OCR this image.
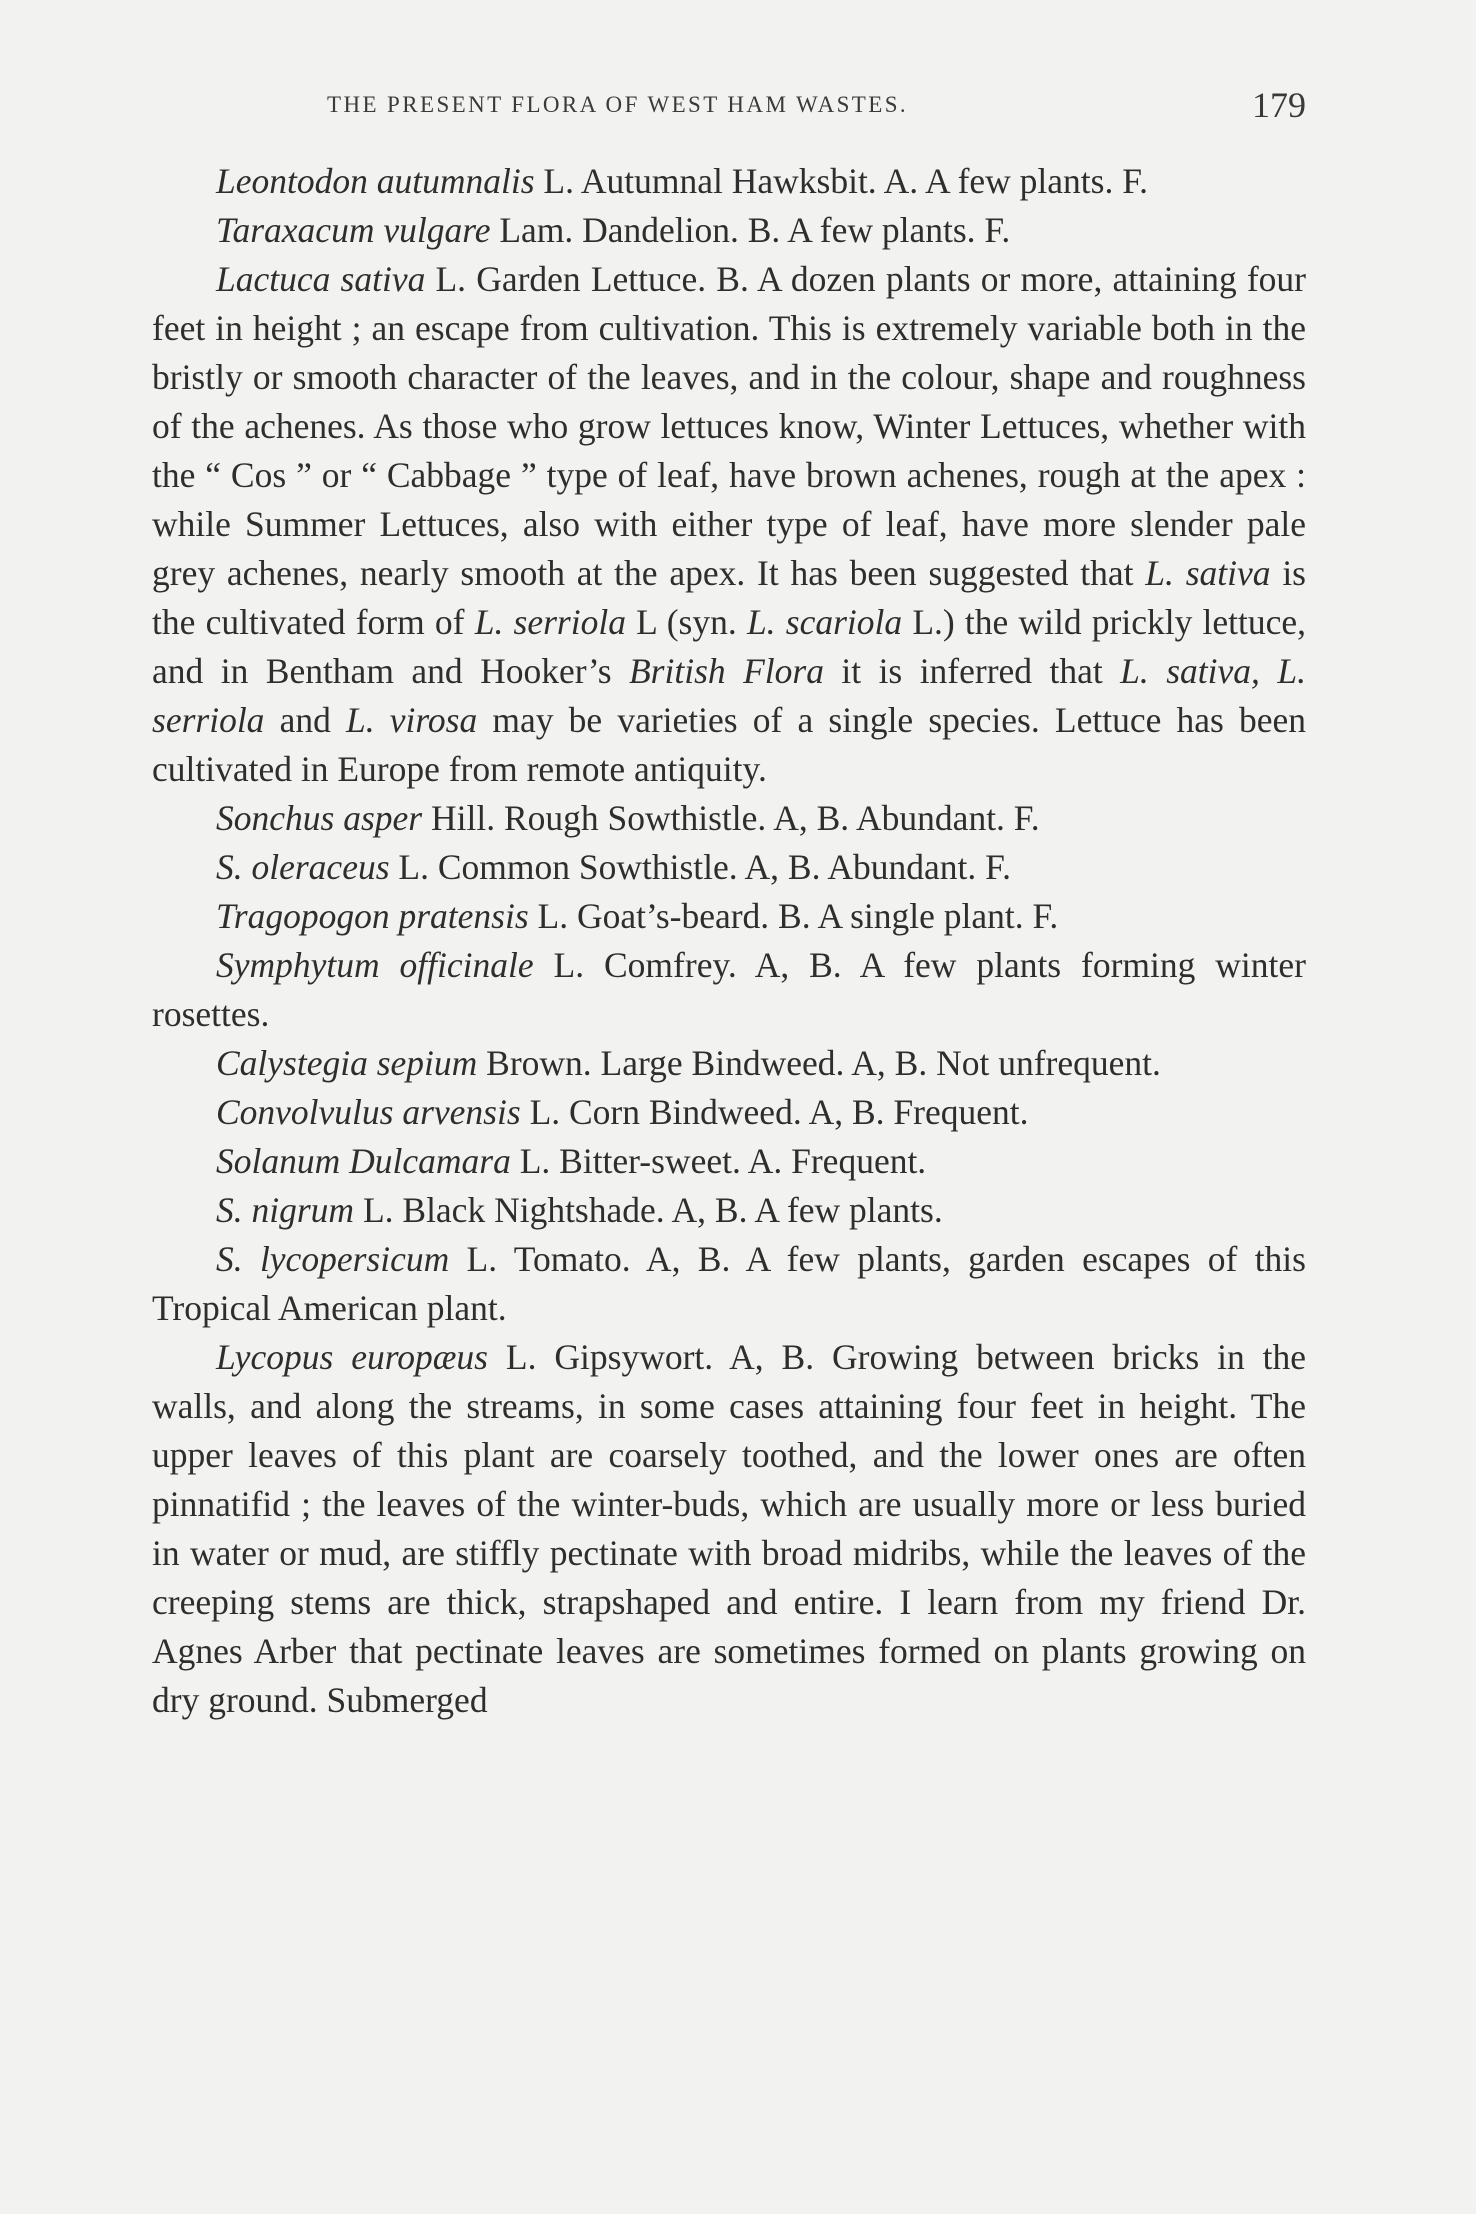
THE PRESENT FLORA OF WEST HAM WASTES.	179

Leontodon autumnalis L. Autumnal Hawksbit. A. A few plants. F.

Taraxacum vulgare Lam. Dandelion. B. A few plants. F.

Lactuca sativa L. Garden Lettuce. B. A dozen plants or more, attaining four feet in height ; an escape from cultivation. This is extremely variable both in the bristly or smooth character of the leaves, and in the colour, shape and roughness of the achenes. As those who grow lettuces know, Winter Lettuces, whether with the “ Cos ” or “ Cabbage ” type of leaf, have brown achenes, rough at the apex : while Summer Lettuces, also with either type of leaf, have more slender pale grey achenes, nearly smooth at the apex. It has been suggested that L. sativa is the cultivated form of L. serriola L (syn. L. scariola L.) the wild prickly lettuce, and in Bentham and Hooker’s British Flora it is inferred that L. sativa, L. serriola and L. virosa may be varieties of a single species. Lettuce has been cultivated in Europe from remote antiquity.

Sonchus asper Hill. Rough Sowthistle. A, B. Abundant. F.

S. oleraceus L. Common Sowthistle. A, B. Abundant. F.

Tragopogon pratensis L. Goat’s-beard. B. A single plant. F.

Symphytum officinale L. Comfrey. A, B. A few plants forming winter rosettes.

Calystegia sepium Brown. Large Bindweed. A, B. Not unfrequent.

Convolvulus arvensis L. Corn Bindweed. A, B. Frequent.

Solanum Dulcamara L. Bitter-sweet. A. Frequent.

S. nigrum L. Black Nightshade. A, B. A few plants.

S. lycopersicum L. Tomato. A, B. A few plants, garden escapes of this Tropical American plant.

Lycopus europæus L. Gipsywort. A, B. Growing between bricks in the walls, and along the streams, in some cases attaining four feet in height. The upper leaves of this plant are coarsely toothed, and the lower ones are often pinnatifid ; the leaves of the winter-buds, which are usually more or less buried in water or mud, are stiffly pectinate with broad midribs, while the leaves of the creeping stems are thick, strapshaped and entire. I learn from my friend Dr. Agnes Arber that pectinate leaves are sometimes formed on plants growing on dry ground. Submerged
